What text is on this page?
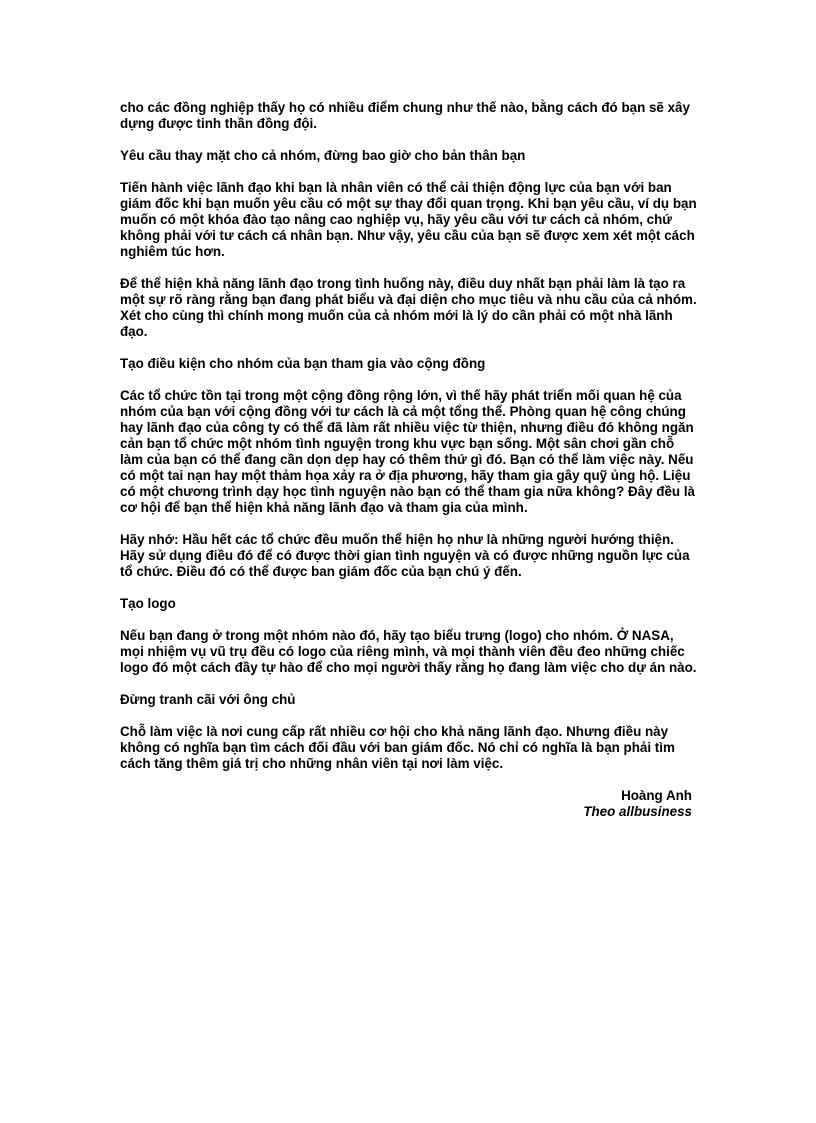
cho các đồng nghiệp thấy họ có nhiều điểm chung như thế nào, bằng cách đó bạn sẽ xây dựng được tinh thần đồng đội.

Yêu cầu thay mặt cho cả nhóm, đừng bao giờ cho bản thân bạn

Tiến hành việc lãnh đạo khi bạn là nhân viên có thể cải thiện động lực của bạn với ban giám đốc khi bạn muốn yêu cầu có một sự thay đổi quan trọng. Khi bạn yêu cầu, ví dụ bạn muốn có một khóa đào tạo nâng cao nghiệp vụ, hãy yêu cầu với tư cách cả nhóm, chứ không phải với tư cách cá nhân bạn. Như vậy, yêu cầu của bạn sẽ được xem xét một cách nghiêm túc hơn.

Để thể hiện khả năng lãnh đạo trong tình huống này, điều duy nhất bạn phải làm là tạo ra một sự rõ ràng rằng bạn đang phát biểu và đại diện cho mục tiêu và nhu cầu của cả nhóm. Xét cho cùng thì chính mong muốn của cả nhóm mới là lý do cần phải có một nhà lãnh đạo.

Tạo điều kiện cho nhóm của bạn tham gia vào cộng đồng

Các tổ chức tồn tại trong một cộng đồng rộng lớn, vì thế hãy phát triển mối quan hệ của nhóm của bạn với cộng đồng với tư cách là cả một tổng thể. Phòng quan hệ công chúng hay lãnh đạo của công ty có thể đã làm rất nhiều việc từ thiện, nhưng điều đó không ngăn cản bạn tổ chức một nhóm tình nguyện trong khu vực bạn sống. Một sân chơi gần chỗ làm của bạn có thể đang cần dọn dẹp hay có thêm thứ gì đó. Bạn có thể làm việc này. Nếu có một tai nạn hay một thảm họa xảy ra ở địa phương, hãy tham gia gây quỹ ủng hộ. Liệu có một chương trình dạy học tình nguyện nào bạn có thể tham gia nữa không? Đây đều là cơ hội để bạn thể hiện khả năng lãnh đạo và tham gia của mình.

Hãy nhớ: Hầu hết các tổ chức đều muốn thể hiện họ như là những người hướng thiện. Hãy sử dụng điều đó để có được thời gian tình nguyện và có được những nguồn lực của tổ chức. Điều đó có thể được ban giám đốc của bạn chú ý đến.

Tạo logo

Nếu bạn đang ở trong một nhóm nào đó, hãy tạo biểu trưng (logo) cho nhóm. Ở NASA, mọi nhiệm vụ vũ trụ đều có logo của riêng mình, và mọi thành viên đều đeo những chiếc logo đó một cách đầy tự hào để cho mọi người thấy rằng họ đang làm việc cho dự án nào.

Đừng tranh cãi với ông chủ

Chỗ làm việc là nơi cung cấp rất nhiều cơ hội cho khả năng lãnh đạo. Nhưng điều này không có nghĩa bạn tìm cách đối đầu với ban giám đốc. Nó chỉ có nghĩa là bạn phải tìm cách tăng thêm giá trị cho những nhân viên tại nơi làm việc.

Hoàng Anh
Theo allbusiness
